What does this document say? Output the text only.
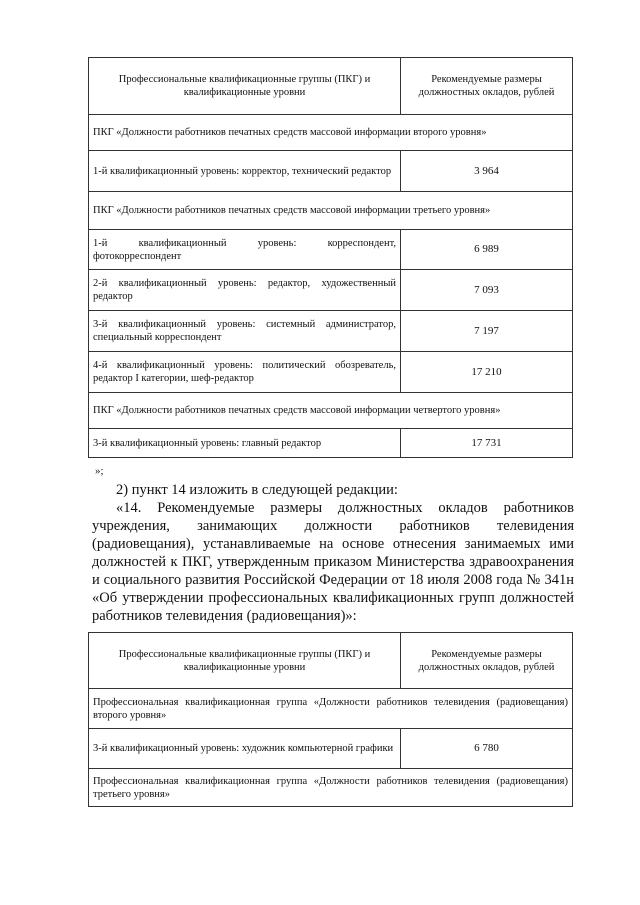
Профессиональные квалификационные группы (ПКГ) и квалификационные уровни	Рекомендуемые размеры должностных окладов, рублей
ПКГ «Должности работников печатных средств массовой информации второго уровня»	
1-й квалификационный уровень: корректор, технический редактор	3 964
ПКГ «Должности работников печатных средств массовой информации третьего уровня»	
1-й квалификационный уровень: корреспондент, фотокорреспондент	6 989
2-й квалификационный уровень: редактор, художественный редактор	7 093
3-й квалификационный уровень: системный администратор, специальный корреспондент	7 197
4-й квалификационный уровень: политический обозреватель, редактор I категории, шеф-редактор	17 210
ПКГ «Должности работников печатных средств массовой информации четвертого уровня»	
3-й квалификационный уровень: главный редактор	17 731
»;
2) пункт 14 изложить в следующей редакции:
«14. Рекомендуемые размеры должностных окладов работников учреждения, занимающих должности работников телевидения (радиовещания), устанавливаемые на основе отнесения занимаемых ими должностей к ПКГ, утвержденным приказом Министерства здравоохранения и социального развития Российской Федерации от 18 июля 2008 года № 341н «Об утверждении профессиональных квалификационных групп должностей работников телевидения (радиовещания)»:
Профессиональные квалификационные группы (ПКГ) и квалификационные уровни	Рекомендуемые размеры должностных окладов, рублей
Профессиональная квалификационная группа «Должности работников телевидения (радиовещания) второго уровня»	
3-й квалификационный уровень: художник компьютерной графики	6 780
Профессиональная квалификационная группа «Должности работников телевидения (радиовещания) третьего уровня»	
